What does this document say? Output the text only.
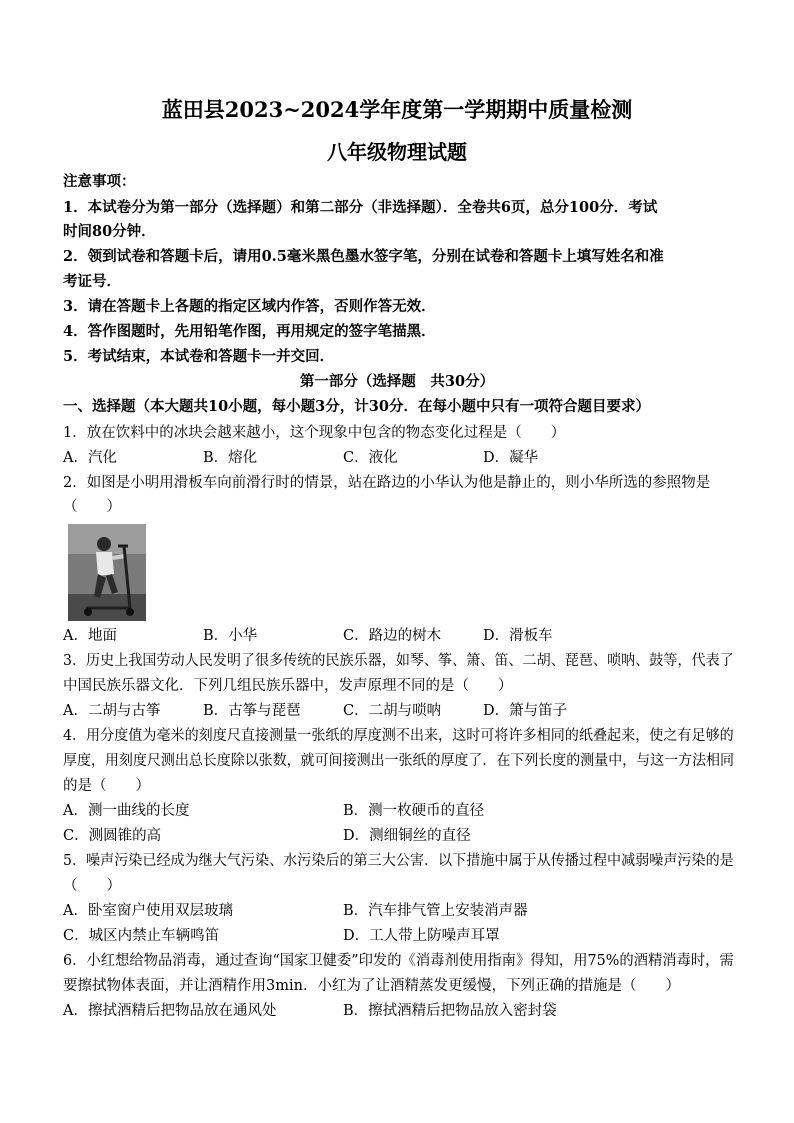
蓝田县2023~2024学年度第一学期期中质量检测
八年级物理试题
注意事项：
1．本试卷分为第一部分（选择题）和第二部分（非选择题）．全卷共6页，总分100分．考试
时间80分钟．
2．领到试卷和答题卡后，请用0.5毫米黑色墨水签字笔，分别在试卷和答题卡上填写姓名和准
考证号．
3．请在答题卡上各题的指定区域内作答，否则作答无效．
4．答作图题时，先用铅笔作图，再用规定的签字笔描黑．
5．考试结束，本试卷和答题卡一并交回．
第一部分（选择题　共30分）
一、选择题（本大题共10小题，每小题3分，计30分．在每小题中只有一项符合题目要求）
1．放在饮料中的冰块会越来越小，这个现象中包含的物态变化过程是（　　）
A．汽化	B．熔化	C．液化	D．凝华
2．如图是小明用滑板车向前滑行时的情景，站在路边的小华认为他是静止的，则小华所选的参照物是
（　　）
A．地面	B．小华	C．路边的树木	D．滑板车
3．历史上我国劳动人民发明了很多传统的民族乐器，如琴、筝、箫、笛、二胡、琵琶、唢呐、鼓等，代表了
中国民族乐器文化．下列几组民族乐器中，发声原理不同的是（　　）
A．二胡与古筝	B．古筝与琵琶	C．二胡与唢呐	D．箫与笛子
4．用分度值为毫米的刻度尺直接测量一张纸的厚度测不出来，这时可将许多相同的纸叠起来，使之有足够的
厚度，用刻度尺测出总长度除以张数，就可间接测出一张纸的厚度了．在下列长度的测量中，与这一方法相同
的是（　　）
A．测一曲线的长度	B．测一枚硬币的直径
C．测圆锥的高	D．测细铜丝的直径
5．噪声污染已经成为继大气污染、水污染后的第三大公害．以下措施中属于从传播过程中减弱噪声污染的是
（　　）
A．卧室窗户使用双层玻璃	B．汽车排气管上安装消声器
C．城区内禁止车辆鸣笛	D．工人带上防噪声耳罩
6．小红想给物品消毒，通过查询“国家卫健委”印发的《消毒剂使用指南》得知，用75%的酒精消毒时，需
要擦拭物体表面，并让酒精作用3min．小红为了让酒精蒸发更缓慢，下列正确的措施是（　　）
A．擦拭酒精后把物品放在通风处	B．擦拭酒精后把物品放入密封袋
